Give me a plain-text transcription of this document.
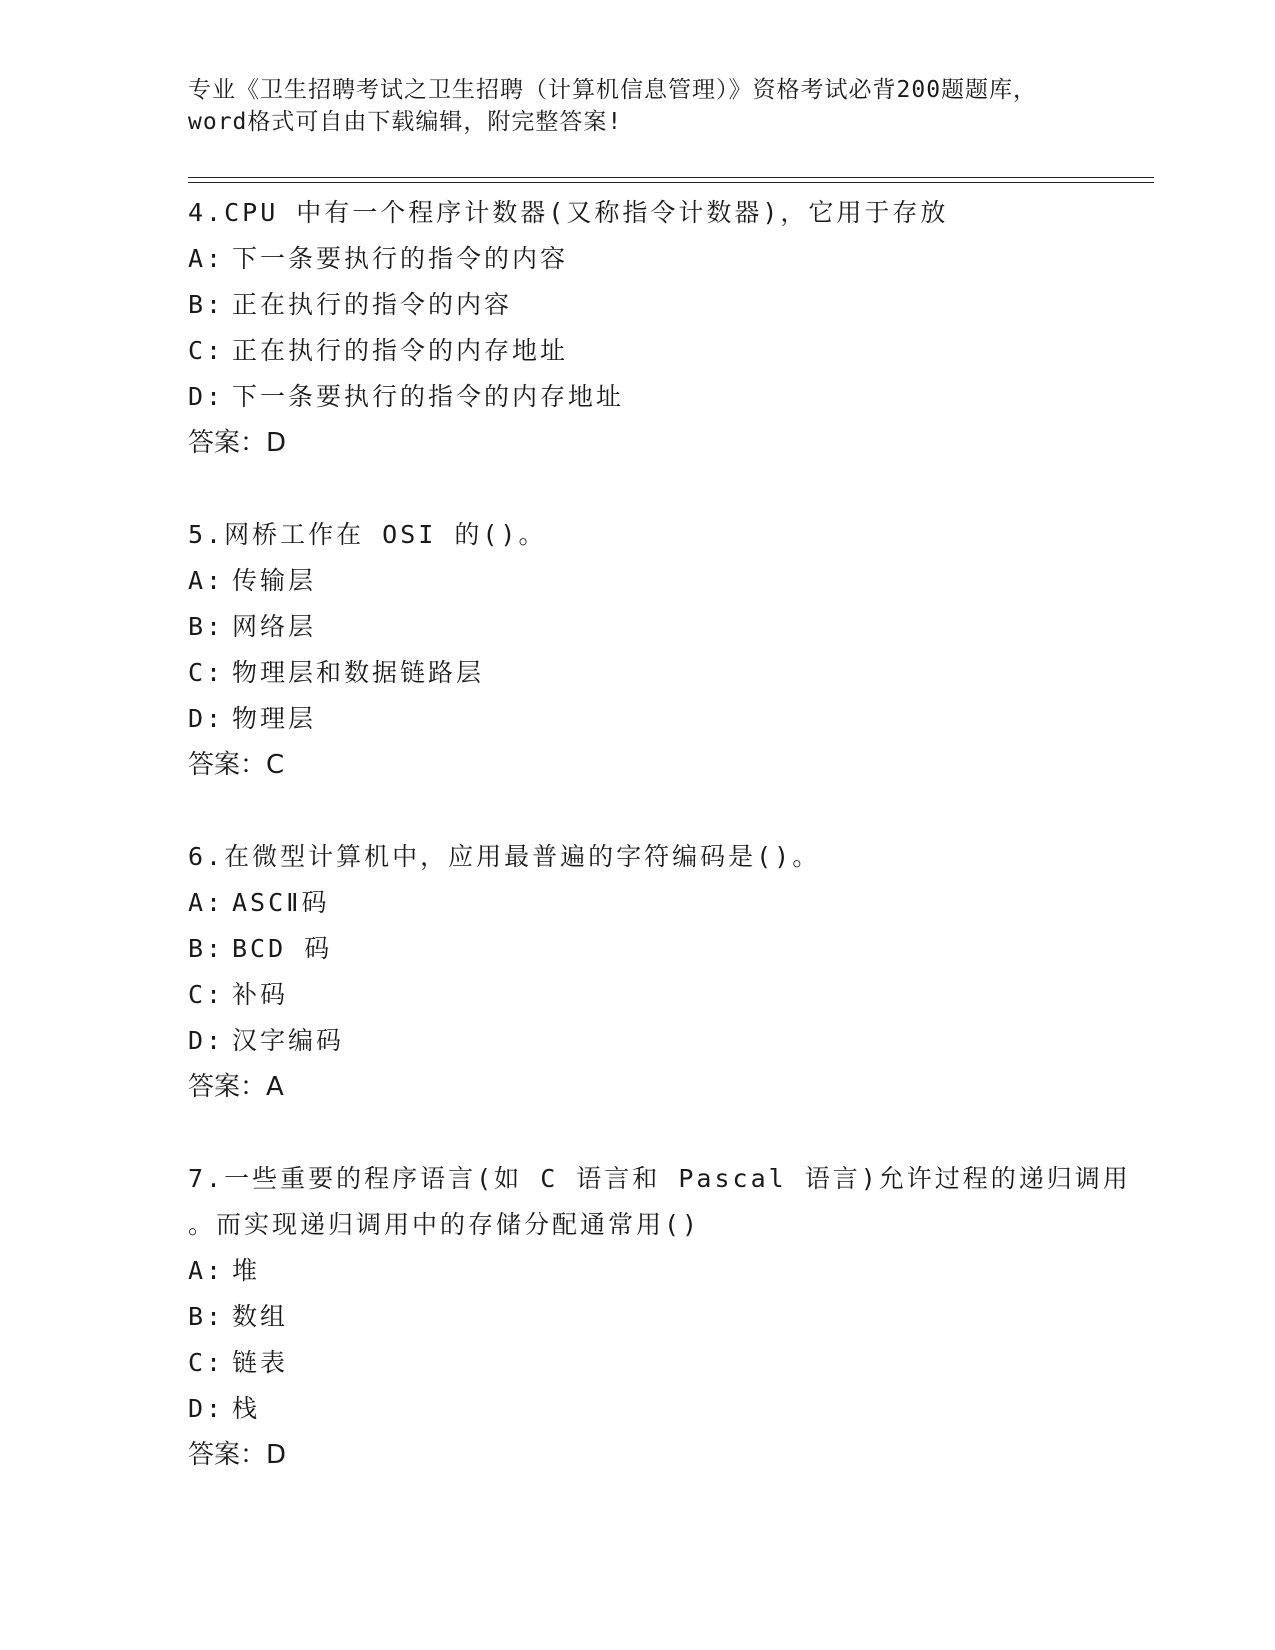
专业《卫生招聘考试之卫生招聘（计算机信息管理）》资格考试必背200题题库，
word格式可自由下载编辑，附完整答案!
4.CPU 中有一个程序计数器(又称指令计数器)，它用于存放
A: 下一条要执行的指令的内容
B: 正在执行的指令的内容
C: 正在执行的指令的内存地址
D: 下一条要执行的指令的内存地址
答案：D
5.网桥工作在 OSI 的()。
A: 传输层
B: 网络层
C: 物理层和数据链路层
D: 物理层
答案：C
6.在微型计算机中，应用最普遍的字符编码是()。
A: ASCⅡ码
B: BCD 码
C: 补码
D: 汉字编码
答案：A
7.一些重要的程序语言(如 C 语言和 Pascal 语言)允许过程的递归调用
。而实现递归调用中的存储分配通常用()
A: 堆
B: 数组
C: 链表
D: 栈
答案：D
